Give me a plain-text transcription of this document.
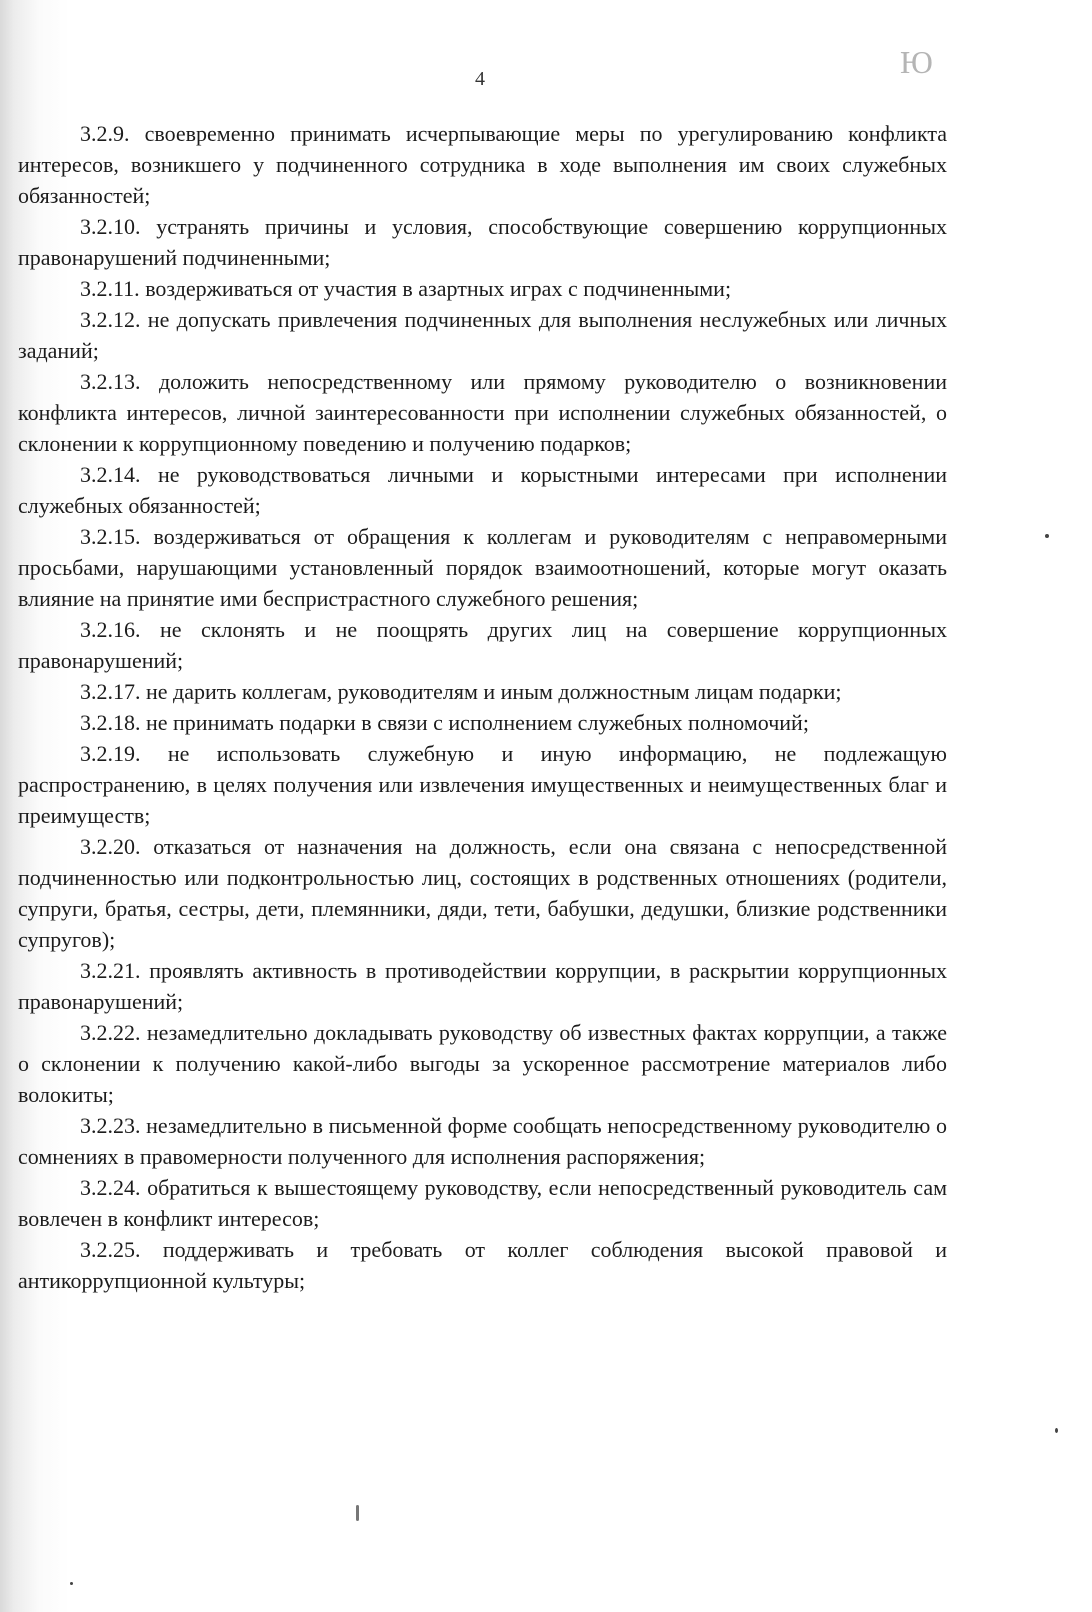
4	Ю

3.2.9. своевременно принимать исчерпывающие меры по урегулированию конфликта интересов, возникшего у подчиненного сотрудника в ходе выполнения им своих служебных обязанностей;

3.2.10. устранять причины и условия, способствующие совершению коррупционных правонарушений подчиненными;

3.2.11. воздерживаться от участия в азартных играх с подчиненными;

3.2.12. не допускать привлечения подчиненных для выполнения неслужебных или личных заданий;

3.2.13. доложить непосредственному или прямому руководителю о возникновении конфликта интересов, личной заинтересованности при исполнении служебных обязанностей, о склонении к коррупционному поведению и получению подарков;

3.2.14. не руководствоваться личными и корыстными интересами при исполнении служебных обязанностей;

3.2.15. воздерживаться от обращения к коллегам и руководителям с неправомерными просьбами, нарушающими установленный порядок взаимоотношений, которые могут оказать влияние на принятие ими беспристрастного служебного решения;

3.2.16. не склонять и не поощрять других лиц на совершение коррупционных правонарушений;

3.2.17. не дарить коллегам, руководителям и иным должностным лицам подарки;

3.2.18. не принимать подарки в связи с исполнением служебных полномочий;

3.2.19. не использовать служебную и иную информацию, не подлежащую распространению, в целях получения или извлечения имущественных и неимущественных благ и преимуществ;

3.2.20. отказаться от назначения на должность, если она связана с непосредственной подчиненностью или подконтрольностью лиц, состоящих в родственных отношениях (родители, супруги, братья, сестры, дети, племянники, дяди, тети, бабушки, дедушки, близкие родственники супругов);

3.2.21. проявлять активность в противодействии коррупции, в раскрытии коррупционных правонарушений;

3.2.22. незамедлительно докладывать руководству об известных фактах коррупции, а также о склонении к получению какой-либо выгоды за ускоренное рассмотрение материалов либо волокиты;

3.2.23. незамедлительно в письменной форме сообщать непосредственному руководителю о сомнениях в правомерности полученного для исполнения распоряжения;

3.2.24. обратиться к вышестоящему руководству, если непосредственный руководитель сам вовлечен в конфликт интересов;

3.2.25. поддерживать и требовать от коллег соблюдения высокой правовой и антикоррупционной культуры;
